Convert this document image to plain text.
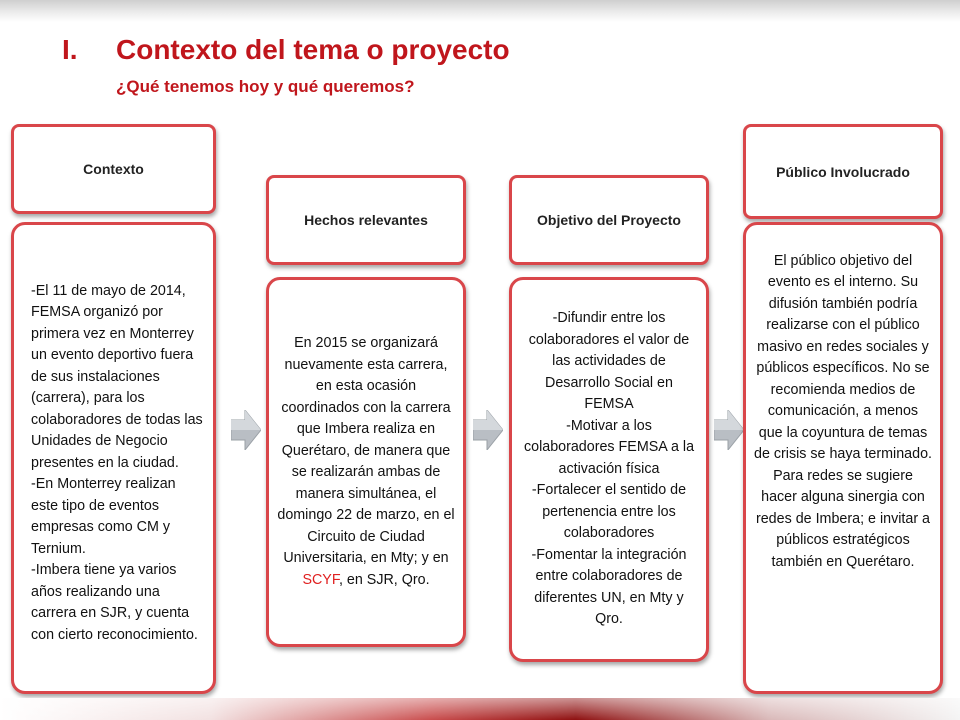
I. Contexto del tema o proyecto
¿Qué tenemos hoy y qué queremos?
Contexto

-El 11 de mayo de 2014, FEMSA organizó por primera vez en Monterrey un evento deportivo fuera de sus instalaciones (carrera), para los colaboradores de todas las Unidades de Negocio presentes en la ciudad.
-En Monterrey realizan este tipo de eventos empresas como CM y Ternium.
-Imbera tiene ya varios años realizando una carrera en SJR, y cuenta con cierto reconocimiento.

Hechos relevantes
En 2015 se organizará nuevamente esta carrera, en esta ocasión coordinados con la carrera que Imbera realiza en Querétaro, de manera que se realizarán ambas de manera simultánea, el domingo 22 de marzo, en el Circuito de Ciudad Universitaria, en Mty; y en SCYF, en SJR, Qro.
Objetivo del Proyecto
-Difundir entre los colaboradores el valor de las actividades de Desarrollo Social en FEMSA
-Motivar a los colaboradores FEMSA a la activación física
-Fortalecer el sentido de pertenencia entre los colaboradores
-Fomentar la integración entre colaboradores de diferentes UN, en Mty y Qro.
Público Involucrado

El público objetivo del evento es el interno. Su difusión también podría realizarse con el público masivo en redes sociales y públicos específicos. No se recomienda medios de comunicación, a menos que la coyuntura de temas de crisis se haya terminado.
Para redes se sugiere hacer alguna sinergia con redes de Imbera; e invitar a públicos estratégicos también en Querétaro.
